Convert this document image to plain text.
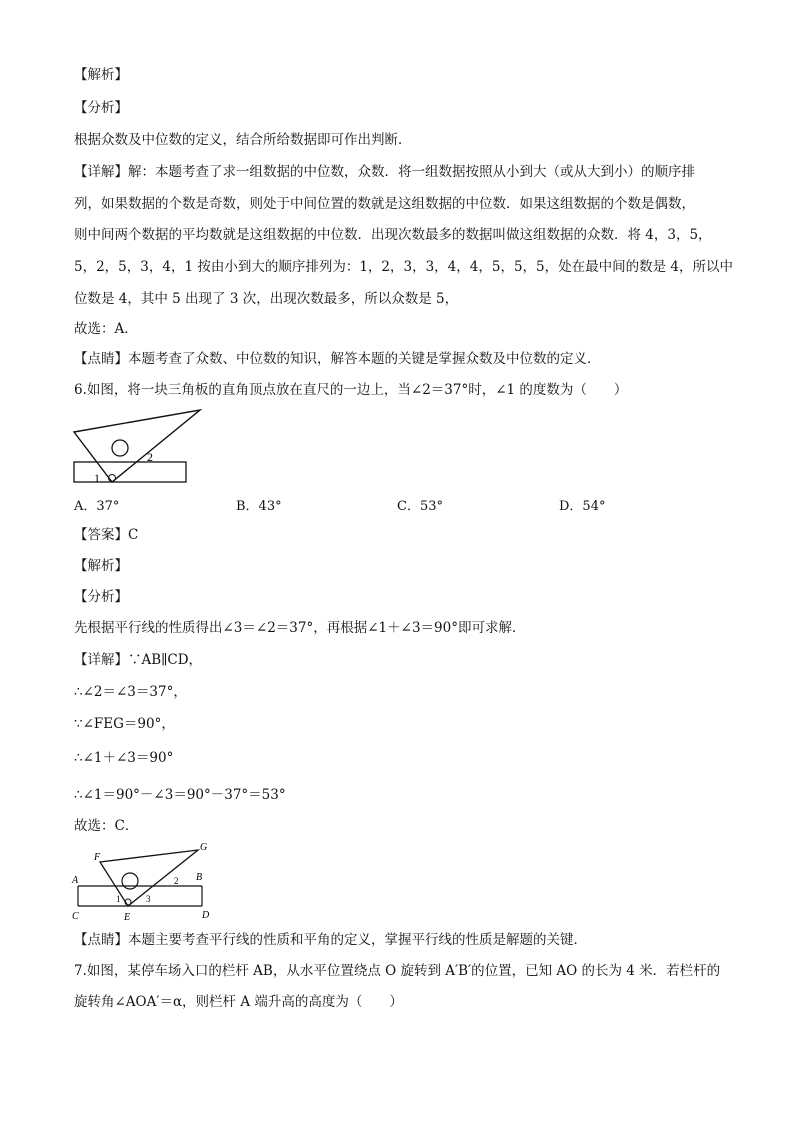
【解析】
【分析】
根据众数及中位数的定义，结合所给数据即可作出判断．
【详解】解：本题考查了求一组数据的中位数，众数．将一组数据按照从小到大（或从大到小）的顺序排
列，如果数据的个数是奇数，则处于中间位置的数就是这组数据的中位数．如果这组数据的个数是偶数，
则中间两个数据的平均数就是这组数据的中位数．出现次数最多的数据叫做这组数据的众数．将 4，3，5，
5，2，5，3，4，1 按由小到大的顺序排列为：1，2，3，3，4，4，5，5，5，处在最中间的数是 4，所以中
位数是 4，其中 5 出现了 3 次，出现次数最多，所以众数是 5，
故选：A．
【点睛】本题考查了众数、中位数的知识，解答本题的关键是掌握众数及中位数的定义．
6.如图，将一块三角板的直角顶点放在直尺的一边上，当∠2＝37°时，∠1 的度数为（　　）
1
2
A．37°	B．43°	C．53°	D．54°
【答案】C
【解析】
【分析】
先根据平行线的性质得出∠3＝∠2＝37°，再根据∠1＋∠3＝90°即可求解．
【详解】∵AB∥CD，
∴∠2＝∠3＝37°，
∵∠FEG＝90°，
∴∠1＋∠3＝90°
∴∠1＝90°－∠3＝90°－37°＝53°
故选：C．
F
G
A	B
C	D
E
1
2
3
【点睛】本题主要考查平行线的性质和平角的定义，掌握平行线的性质是解题的关键．
7.如图，某停车场入口的栏杆 AB，从水平位置绕点 O 旋转到 A′B′的位置，已知 AO 的长为 4 米．若栏杆的
旋转角∠AOA′＝α，则栏杆 A 端升高的高度为（　　）
